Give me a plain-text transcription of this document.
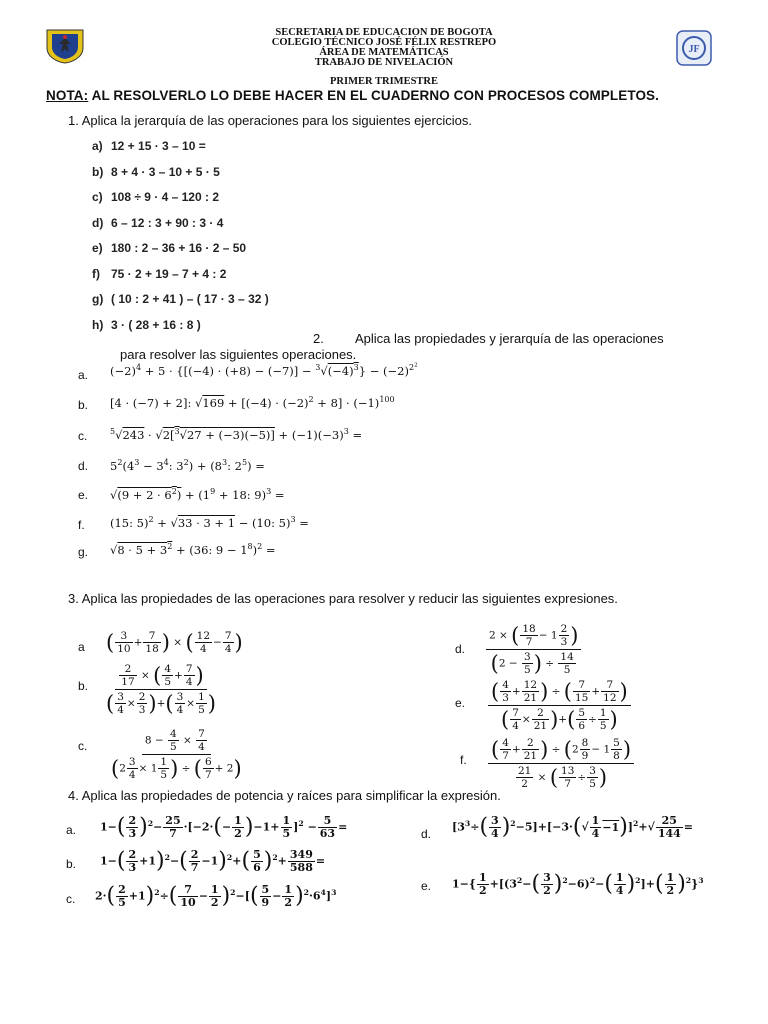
JF
SECRETARIA DE EDUCACION DE BOGOTA
COLEGIO TÉCNICO JOSÉ FÉLIX RESTREPO
ÁREA DE MATEMÁTICAS
TRABAJO DE NIVELACIÓN
PRIMER TRIMESTRE
NOTA: AL RESOLVERLO LO DEBE HACER EN EL CUADERNO CON PROCESOS COMPLETOS.
1. Aplica la jerarquía de las operaciones para los siguientes ejercicios.
a) 12 + 15 · 3 – 10 =
b) 8 + 4 · 3 – 10 + 5 · 5
c) 108 ÷ 9 · 4 – 120 : 2
d) 6 – 12 : 3 + 90 : 3 · 4
e) 180 : 2 – 36 + 16 · 2 – 50
f) 75 · 2 + 19 – 7 + 4 : 2
g) ( 10 : 2 + 41 ) – ( 17 · 3 – 32 )
h) 3 · ( 28 + 16 : 8 )
2. Aplica las propiedades y jerarquía de las operaciones
para resolver las siguientes operaciones.
a. $(-2)^4 + 5 \cdot \{[(-4) \cdot (+8) - (-7)] - ^3√(-4)^3\} - (-2)^{2^2}$
b. [4 · (−7) + 2]: $√169 + [(-4) \cdot (-2)^2 + 8] \cdot (-1)^{100}$
c.	$^5√243 \cdot √2[^3√27 + (-3)(-5)] + (-1)(-3)^3$ =
d. $5^2(4^3 - 3^4$: $3^2) + (8^3$: $2^5$) =
e. $√(9 + 2 \cdot 6^2) + (1^9 + 18$: 9)$^3$ =
f. (15: 5)$^2$ + √33 · 3 + 1 − (10: 5)$^3$ =
g. $√8 \cdot 5 + 3^2 + (36$: $9 - 1^8)^2$ =
3. Aplica las propiedades de las operaciones para resolver y reducir las siguientes expresiones.
a ( $\frac{3}{10} + \frac{7}{18}$ ) × ( $\frac{12}{4} - \frac{7}{4}$ )
b.	$\frac{2}{17}$ × ( $\frac{4}{5} + \frac{7}{4}$ )
( $\frac{3}{4} \times \frac{2}{3}$ )+( $\frac{3}{4} \times \frac{1}{5}$ )
c.	$8 - \frac{4}{5} \times \frac{7}{4}$
($2 \frac{3}{4} \times 1 \frac{1}{5}$ ) ÷ ( $\frac{6}{7} + 2$)
d.
2 × ( $\frac{18}{7} - 1 \frac{2}{3}$ )
($2 - \frac{3}{5}$ ) ÷ $\frac{14}{5}$
e. ( $\frac{4}{3} + \frac{12}{21}$ ) ÷ ( $\frac{7}{15} + \frac{7}{12}$ )
( $\frac{7}{4} \times \frac{2}{21}$ )+( $\frac{5}{6} \div \frac{1}{5}$ )
f. ( $\frac{4}{7} + \frac{2}{21}$ ) ÷ ($2 \frac{8}{9} - 1 \frac{5}{8}$ )
$\frac{21}{2}$ × ( $\frac{13}{7} \div \frac{3}{5}$ )
4. Aplica las propiedades de potencia y raíces para simplificar la expresión.
a. $1-( \frac{2}{3} )^2- \frac{25}{7} \cdot[-2\cdot(- \frac{1}{2} )-1+ \frac{1}{5} ]^2 - \frac{5}{63}$ =
b. $1-( \frac{2}{3} +1)^2-( \frac{2}{7} -1)^2+( \frac{5}{6} )^2+ \frac{349}{588}$ =
c. $2\cdot( \frac{2}{5} +1)^2\div( \frac{7}{10} - \frac{1}{2} )^2-[( \frac{5}{9} - \frac{1}{2} )^2\cdot 6^4]^3$
d. $[3^3\div( \frac{3}{4} )^2-5]+[-3\cdot(√ \frac{1}{4} -1)]^2+√ \frac{25}{144}$ =
e. $1-\{ \frac{1}{2} +[(3^2-( \frac{3}{2} )^2-6)^2-( \frac{1}{4} )^2]+( \frac{1}{2} )^2\}^3$
